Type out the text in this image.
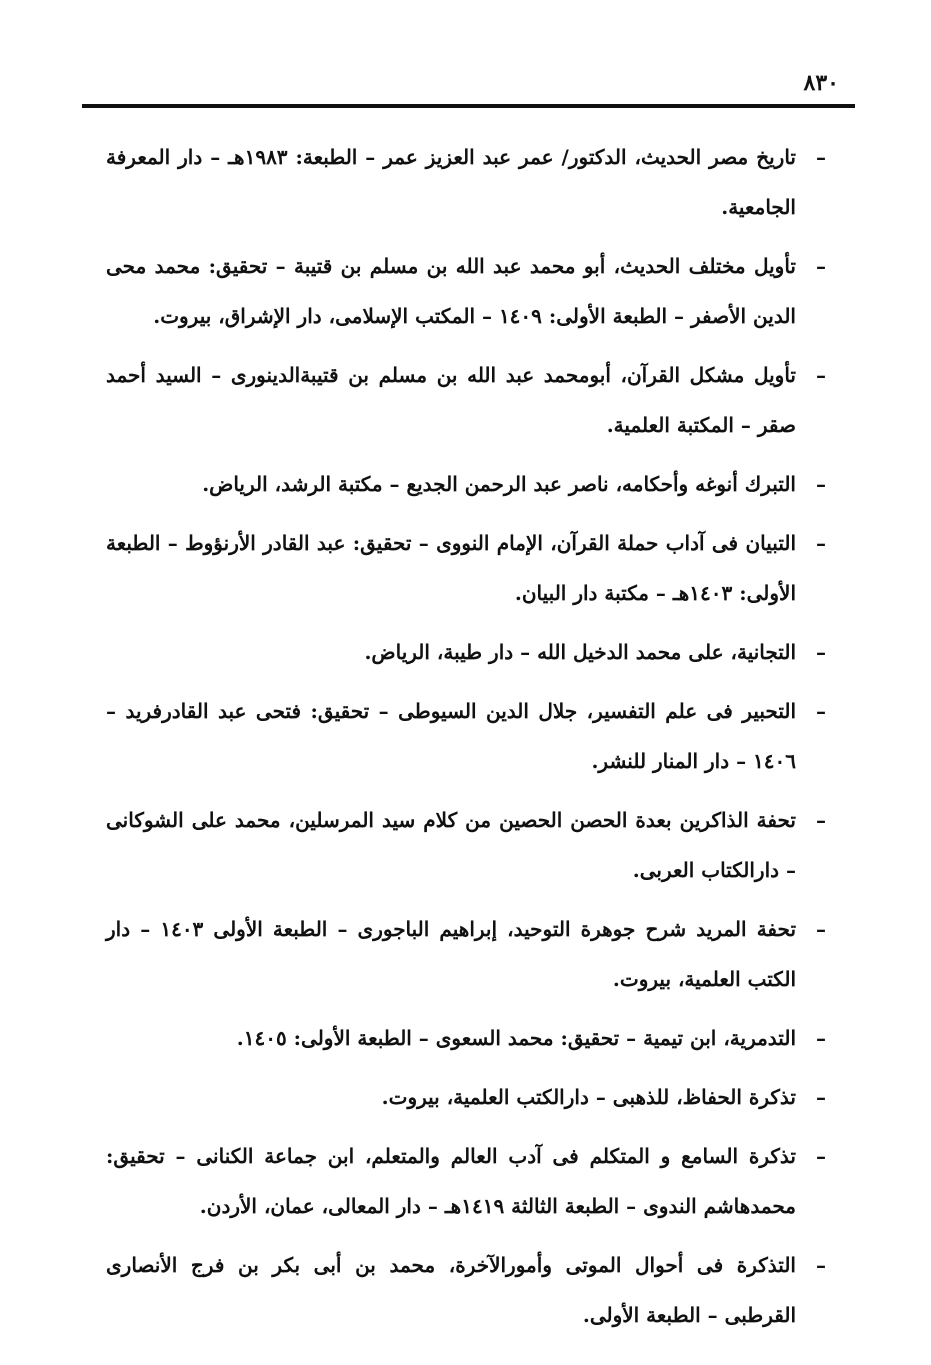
٨٣٠
–
تاريخ مصر الحديث، الدكتور/ عمر عبد العزيز عمر – الطبعة: ١٩٨٣هـ – دار المعرفة الجامعية.
–
تأويل مختلف الحديث، أبو محمد عبد الله بن مسلم بن قتيبة – تحقيق: محمد محى الدين الأصفر – الطبعة الأولى: ١٤٠٩ – المكتب الإسلامى، دار الإشراق، بيروت.
–
تأويل مشكل القرآن، أبومحمد عبد الله بن مسلم بن قتيبةالدينورى – السيد أحمد صقر – المكتبة العلمية.
–
التبرك أنوغه وأحكامه، ناصر عبد الرحمن الجديع – مكتبة الرشد، الرياض.
–
التبيان فى آداب حملة القرآن، الإمام النووى – تحقيق: عبد القادر الأرنؤوط – الطبعة الأولى: ١٤٠٣هـ – مكتبة دار البيان.
–
التجانية، على محمد الدخيل الله – دار طيبة، الرياض.
–
التحبير فى علم التفسير، جلال الدين السيوطى – تحقيق: فتحى عبد القادرفريد – ١٤٠٦ – دار المنار للنشر.
–
تحفة الذاكرين بعدة الحصن الحصين من كلام سيد المرسلين، محمد على الشوكانى – دارالكتاب العربى.
–
تحفة المريد شرح جوهرة التوحيد، إبراهيم الباجورى – الطبعة الأولى ١٤٠٣ – دار الكتب العلمية، بيروت.
–
التدمرية، ابن تيمية – تحقيق: محمد السعوى – الطبعة الأولى: ١٤٠٥.
–
تذكرة الحفاظ، للذهبى – دارالكتب العلمية، بيروت.
–
تذكرة السامع و المتكلم فى آدب العالم والمتعلم، ابن جماعة الكنانى – تحقيق: محمدهاشم الندوى – الطبعة الثالثة ١٤١٩هـ – دار المعالى، عمان، الأردن.
–
التذكرة فى أحوال الموتى وأمورالآخرة، محمد بن أبى بكر بن فرج الأنصارى القرطبى – الطبعة الأولى.
